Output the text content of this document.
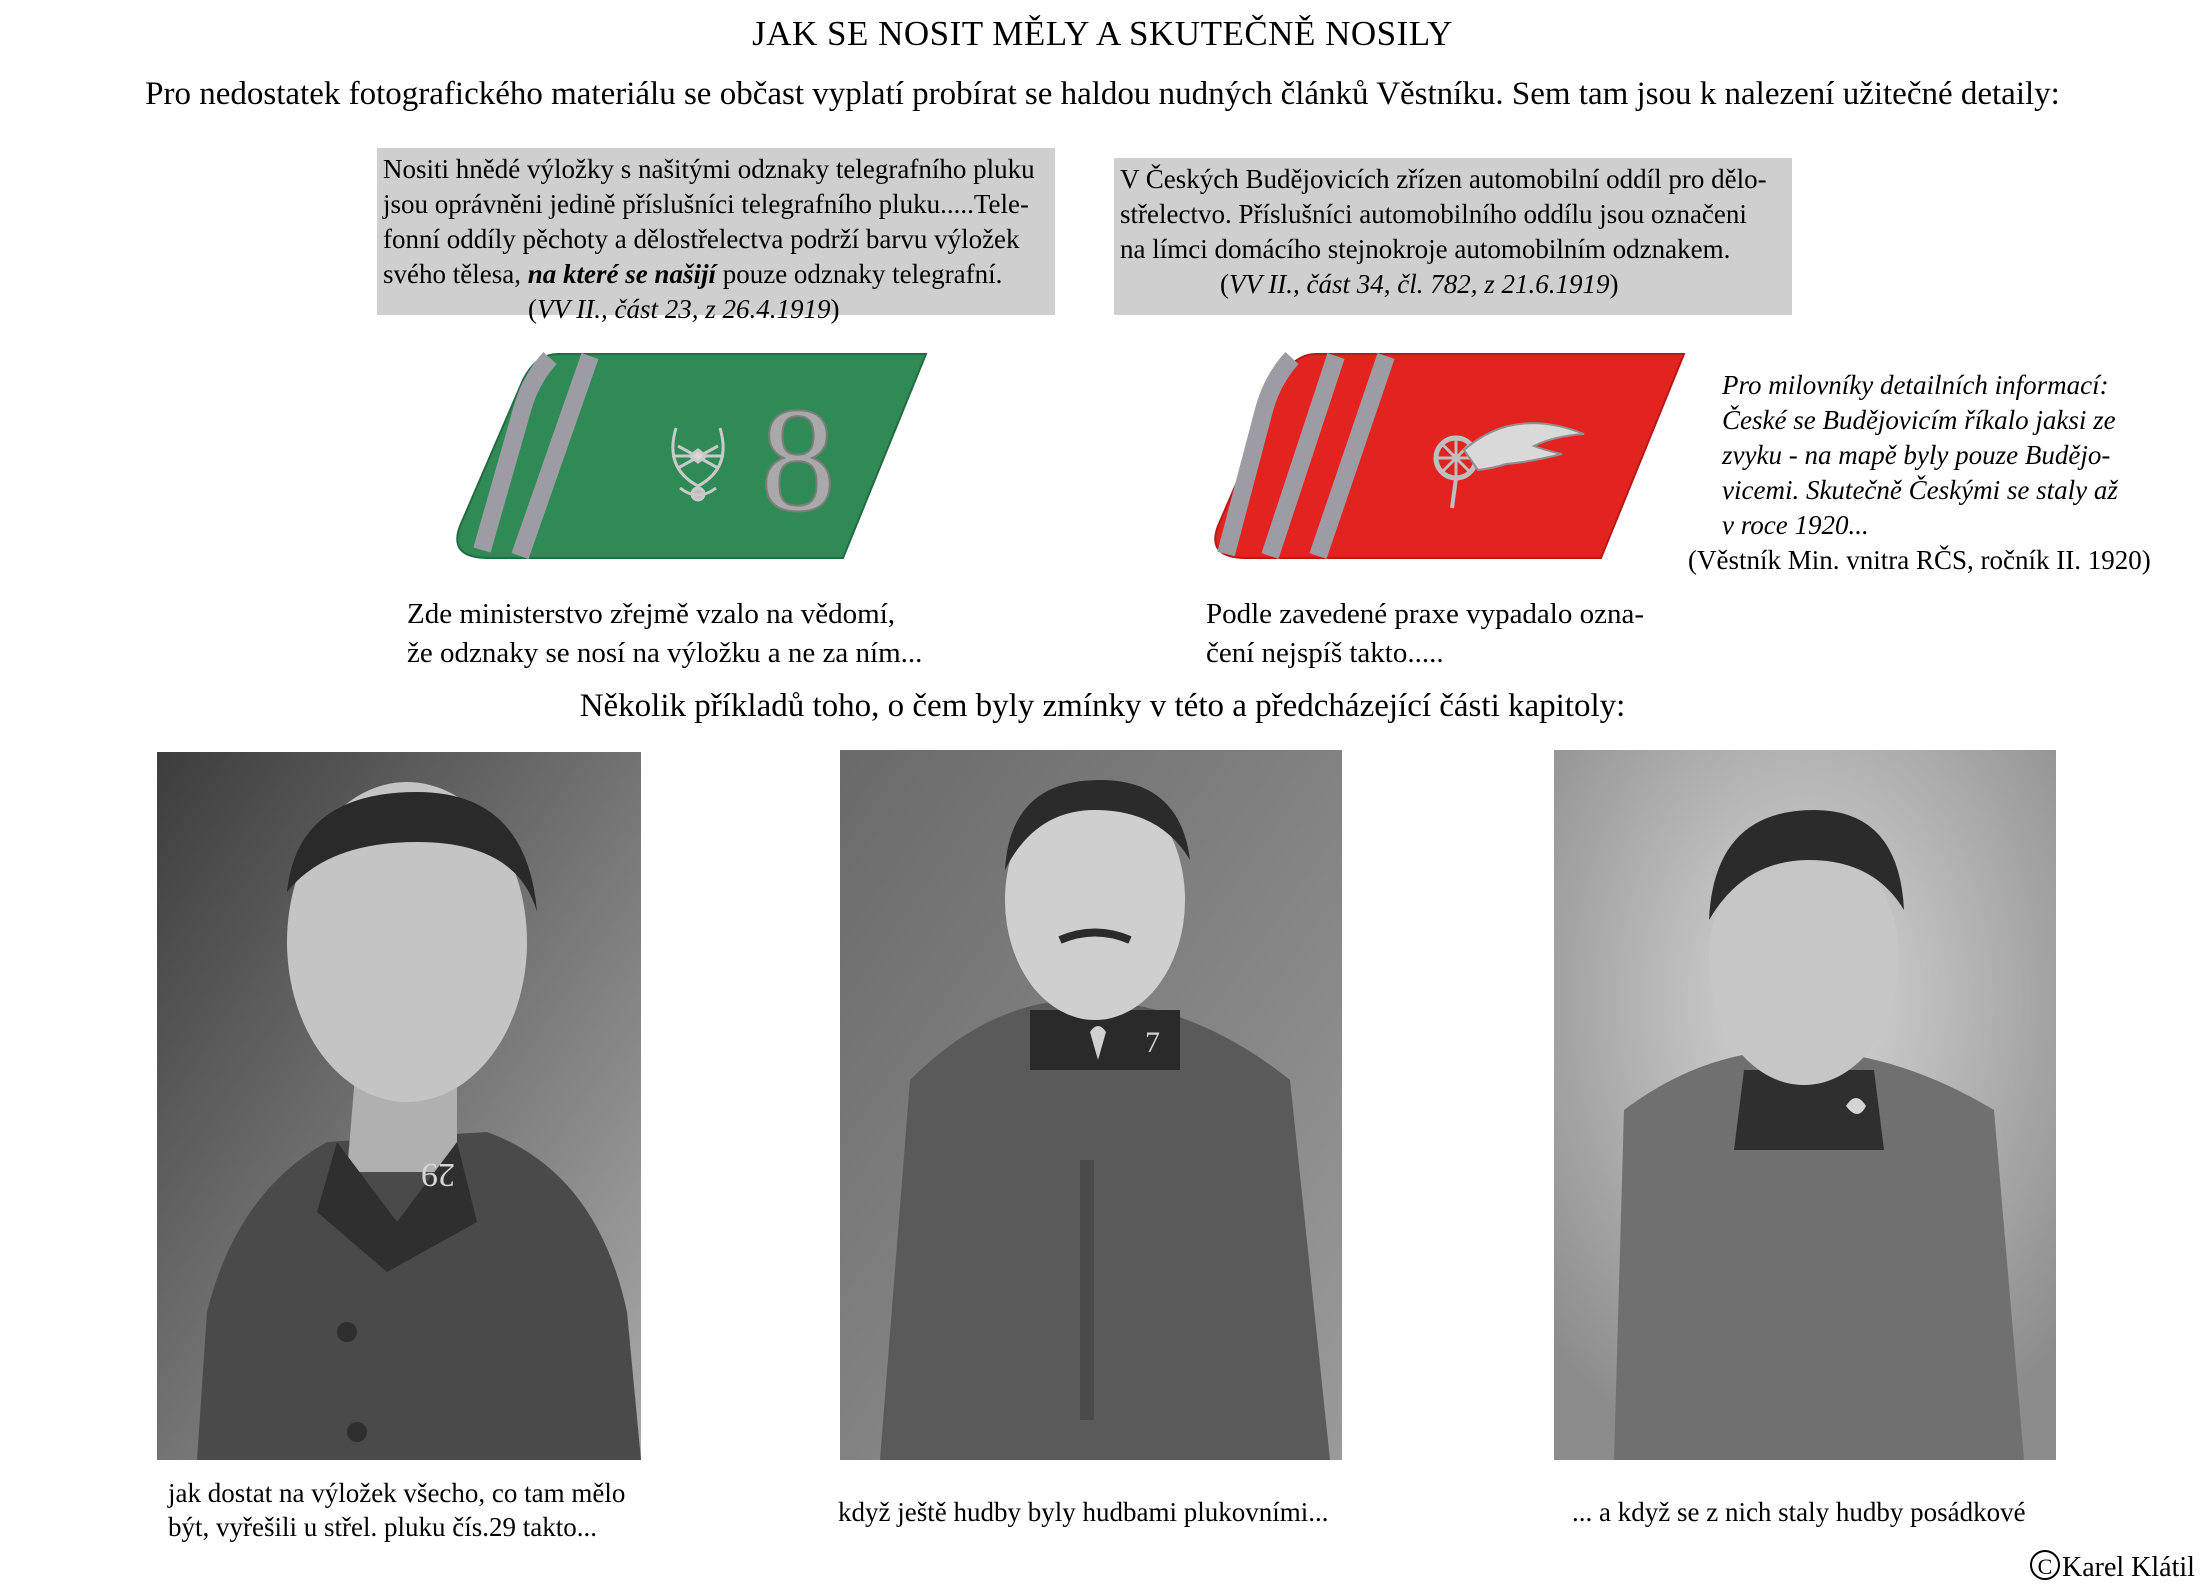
JAK SE NOSIT MĚLY A SKUTEČNĚ NOSILY
Pro nedostatek fotografického materiálu se občast vyplatí probírat se haldou nudných článků Věstníku. Sem tam jsou k nalezení užitečné detaily:
Nositi hnědé výložky s našitými odznaky telegrafního pluku
jsou oprávněni jedině příslušníci telegrafního pluku.....Tele-
fonní oddíly pěchoty a dělostřelectva podrží barvu výložek
svého tělesa, na které se našijí pouze odznaky telegrafní.
(VV II., část 23, z 26.4.1919)
V Českých Budějovicích zřízen automobilní oddíl pro dělo-
střelectvo. Příslušníci automobilního oddílu jsou označeni
na límci domácího stejnokroje automobilním odznakem.
(VV II., část 34, čl. 782, z 21.6.1919)
8	Pro milovníky detailních informací:
České se Budějovicím říkalo jaksi ze
zvyku - na mapě byly pouze Budějo-
vicemi. Skutečně Českými se staly až
v roce 1920...
(Věstník Min. vnitra RČS, ročník II. 1920)
Zde ministerstvo zřejmě vzalo na vědomí,
že odznaky se nosí na výložku a ne za ním...
Podle zavedené praxe vypadalo ozna-
čení nejspíš takto.....
Několik příkladů toho, o čem byly zmínky v této a předcházející části kapitoly:
29
7
jak dostat na výložek všecho, co tam mělo
být, vyřešili u střel. pluku čís.29 takto...	když ještě hudby byly hudbami plukovními...	... a když se z nich staly hudby posádkové
C Karel Klátil
